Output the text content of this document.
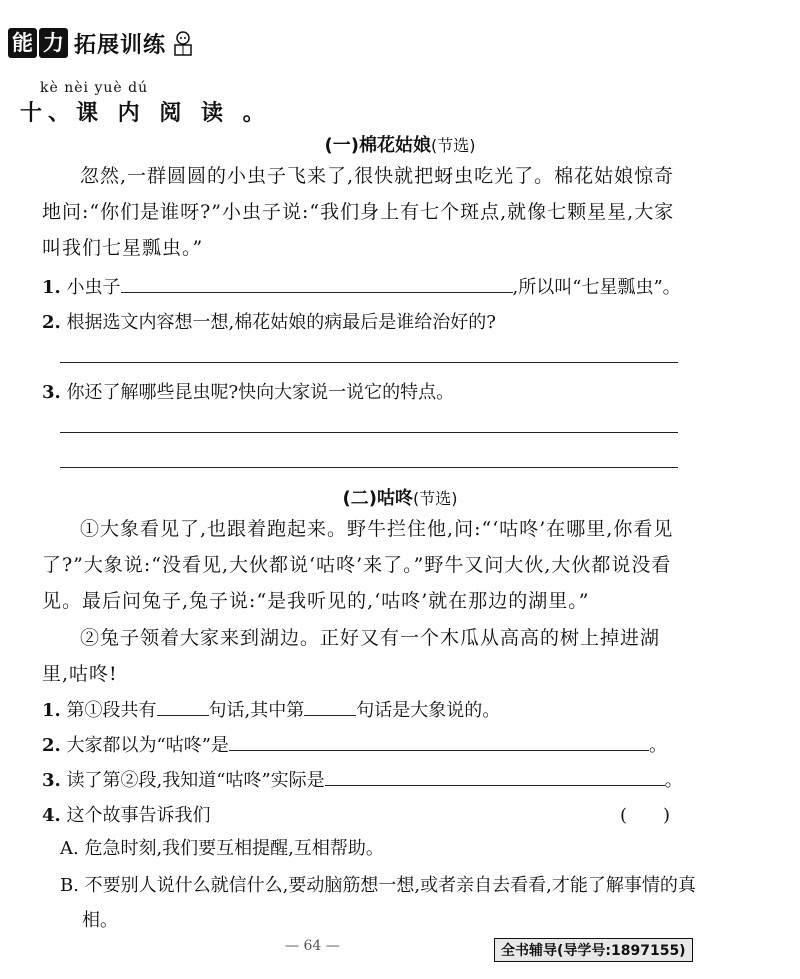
能 力 拓展训练
kè nèi yuè dú
十、课 内 阅 读 。
(一)棉花姑娘(节选)
忽然,一群圆圆的小虫子飞来了,很快就把蚜虫吃光了。棉花姑娘惊奇地问:“你们是谁呀?”小虫子说:“我们身上有七个斑点,就像七颗星星,大家叫我们七星瓢虫。”
1. 小虫子	,所以叫“七星瓢虫”。
2. 根据选文内容想一想,棉花姑娘的病最后是谁给治好的?
3. 你还了解哪些昆虫呢?快向大家说一说它的特点。
(二)咕咚(节选)
①大象看见了,也跟着跑起来。野牛拦住他,问:“‘咕咚’在哪里,你看见了?”大象说:“没看见,大伙都说‘咕咚’来了。”野牛又问大伙,大伙都说没看见。最后问兔子,兔子说:“是我听见的,‘咕咚’就在那边的湖里。”
②兔子领着大家来到湖边。正好又有一个木瓜从高高的树上掉进湖里,咕咚!
1. 第①段共有	句话,其中第	句话是大象说的。
2. 大家都以为“咕咚”是	。
3. 读了第②段,我知道“咕咚”实际是	。
4. 这个故事告诉我们	(　　)
A. 危急时刻,我们要互相提醒,互相帮助。
B. 不要别人说什么就信什么,要动脑筋想一想,或者亲自去看看,才能了解事情的真相。
— 64 —	全书辅导(导学号:1897155)
